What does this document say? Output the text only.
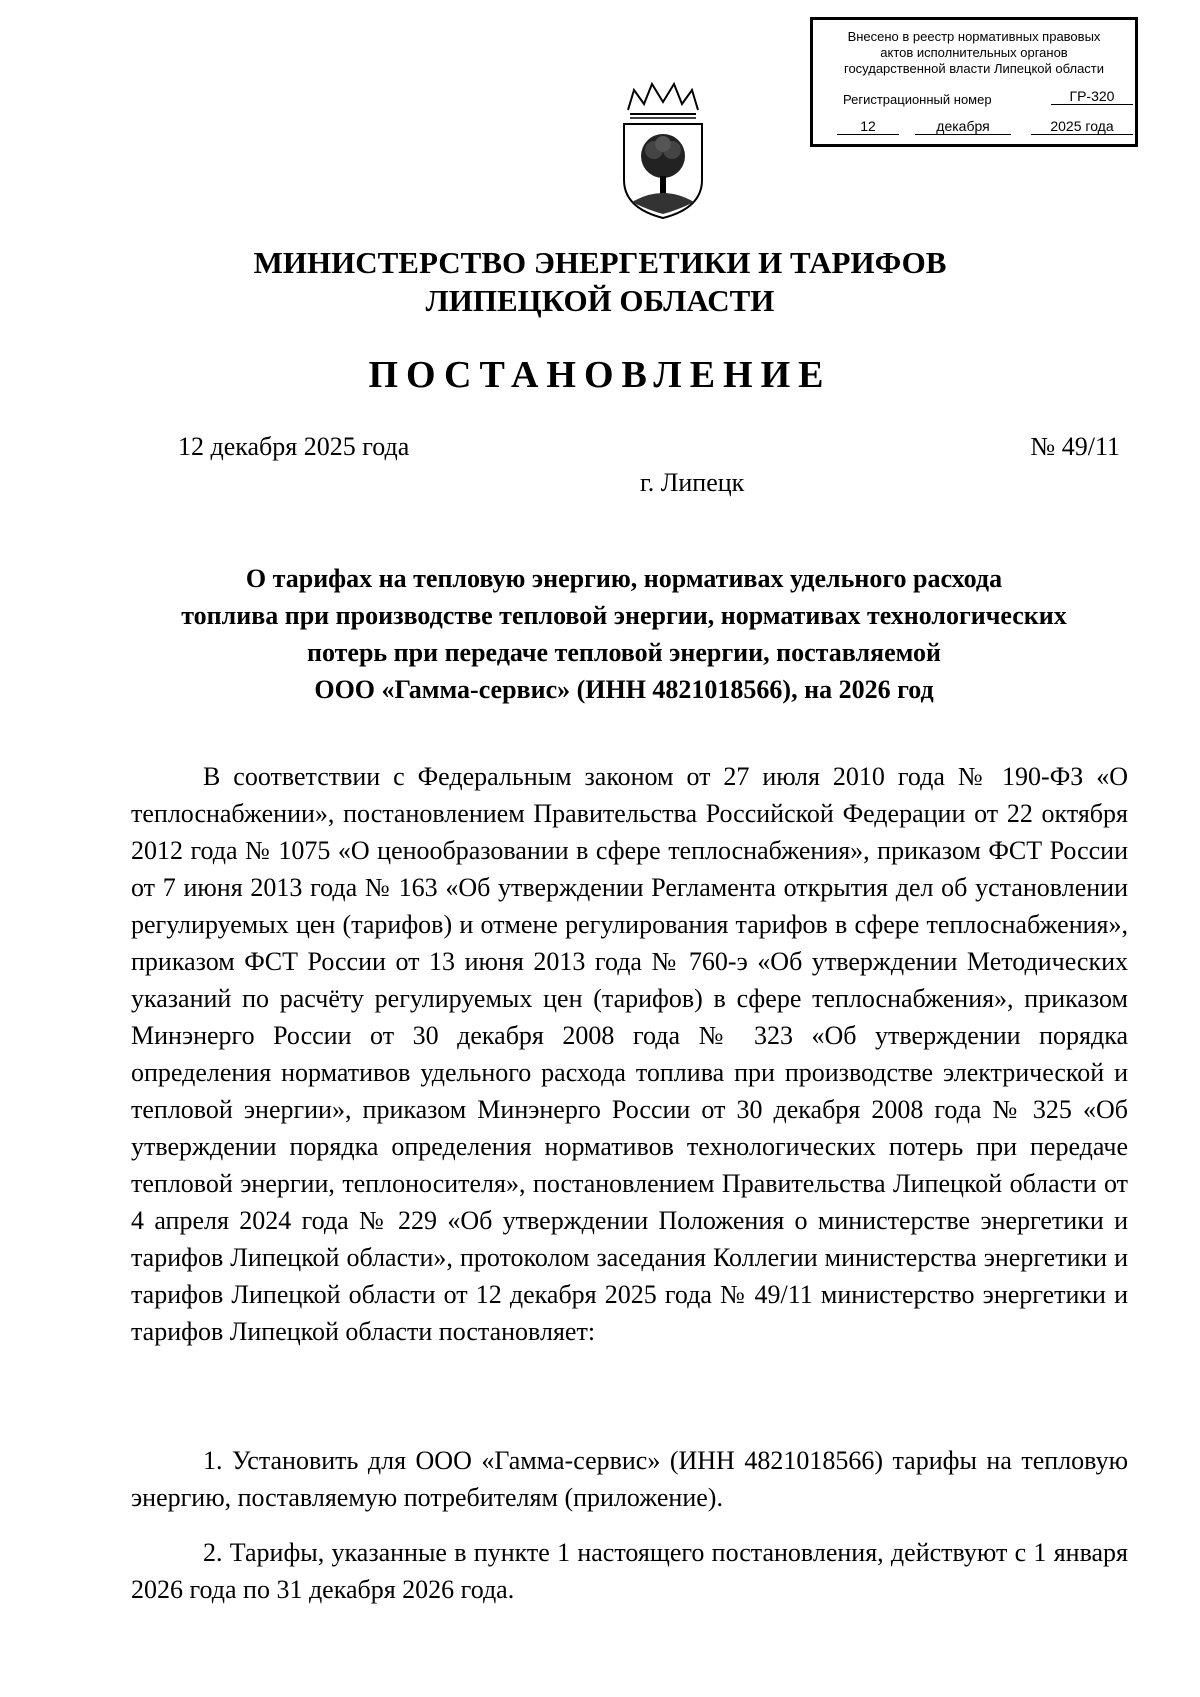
Внесено в реестр нормативных правовых
актов исполнительных органов
государственной власти Липецкой области
Регистрационный номер	ГР-320
12	декабря	2025 года
МИНИСТЕРСТВО ЭНЕРГЕТИКИ И ТАРИФОВ
ЛИПЕЦКОЙ ОБЛАСТИ
ПОСТАНОВЛЕНИЕ
12 декабря 2025 года	№ 49/11
г. Липецк
О тарифах на тепловую энергию, нормативах удельного расхода
топлива при производстве тепловой энергии, нормативах технологических
потерь при передаче тепловой энергии, поставляемой
ООО «Гамма-сервис» (ИНН 4821018566), на 2026 год
В соответствии с Федеральным законом от 27 июля 2010 года № 190-ФЗ «О теплоснабжении», постановлением Правительства Российской Федерации от 22 октября 2012 года № 1075 «О ценообразовании в сфере теплоснабжения», приказом ФСТ России от 7 июня 2013 года № 163 «Об утверждении Регламента открытия дел об установлении регулируемых цен (тарифов) и отмене регулирования тарифов в сфере теплоснабжения», приказом ФСТ России от 13 июня 2013 года № 760-э «Об утверждении Методических указаний по расчёту регулируемых цен (тарифов) в сфере теплоснабжения», приказом Минэнерго России от 30 декабря 2008 года № 323 «Об утверждении порядка определения нормативов удельного расхода топлива при производстве электрической и тепловой энергии», приказом Минэнерго России от 30 декабря 2008 года № 325 «Об утверждении порядка определения нормативов технологических потерь при передаче тепловой энергии, теплоносителя», постановлением Правительства Липецкой области от 4 апреля 2024 года № 229 «Об утверждении Положения о министерстве энергетики и тарифов Липецкой области», протоколом заседания Коллегии министерства энергетики и тарифов Липецкой области от 12 декабря 2025 года № 49/11 министерство энергетики и тарифов Липецкой области постановляет:
1. Установить для ООО «Гамма-сервис» (ИНН 4821018566) тарифы на тепловую энергию, поставляемую потребителям (приложение).
2. Тарифы, указанные в пункте 1 настоящего постановления, действуют с 1 января 2026 года по 31 декабря 2026 года.
